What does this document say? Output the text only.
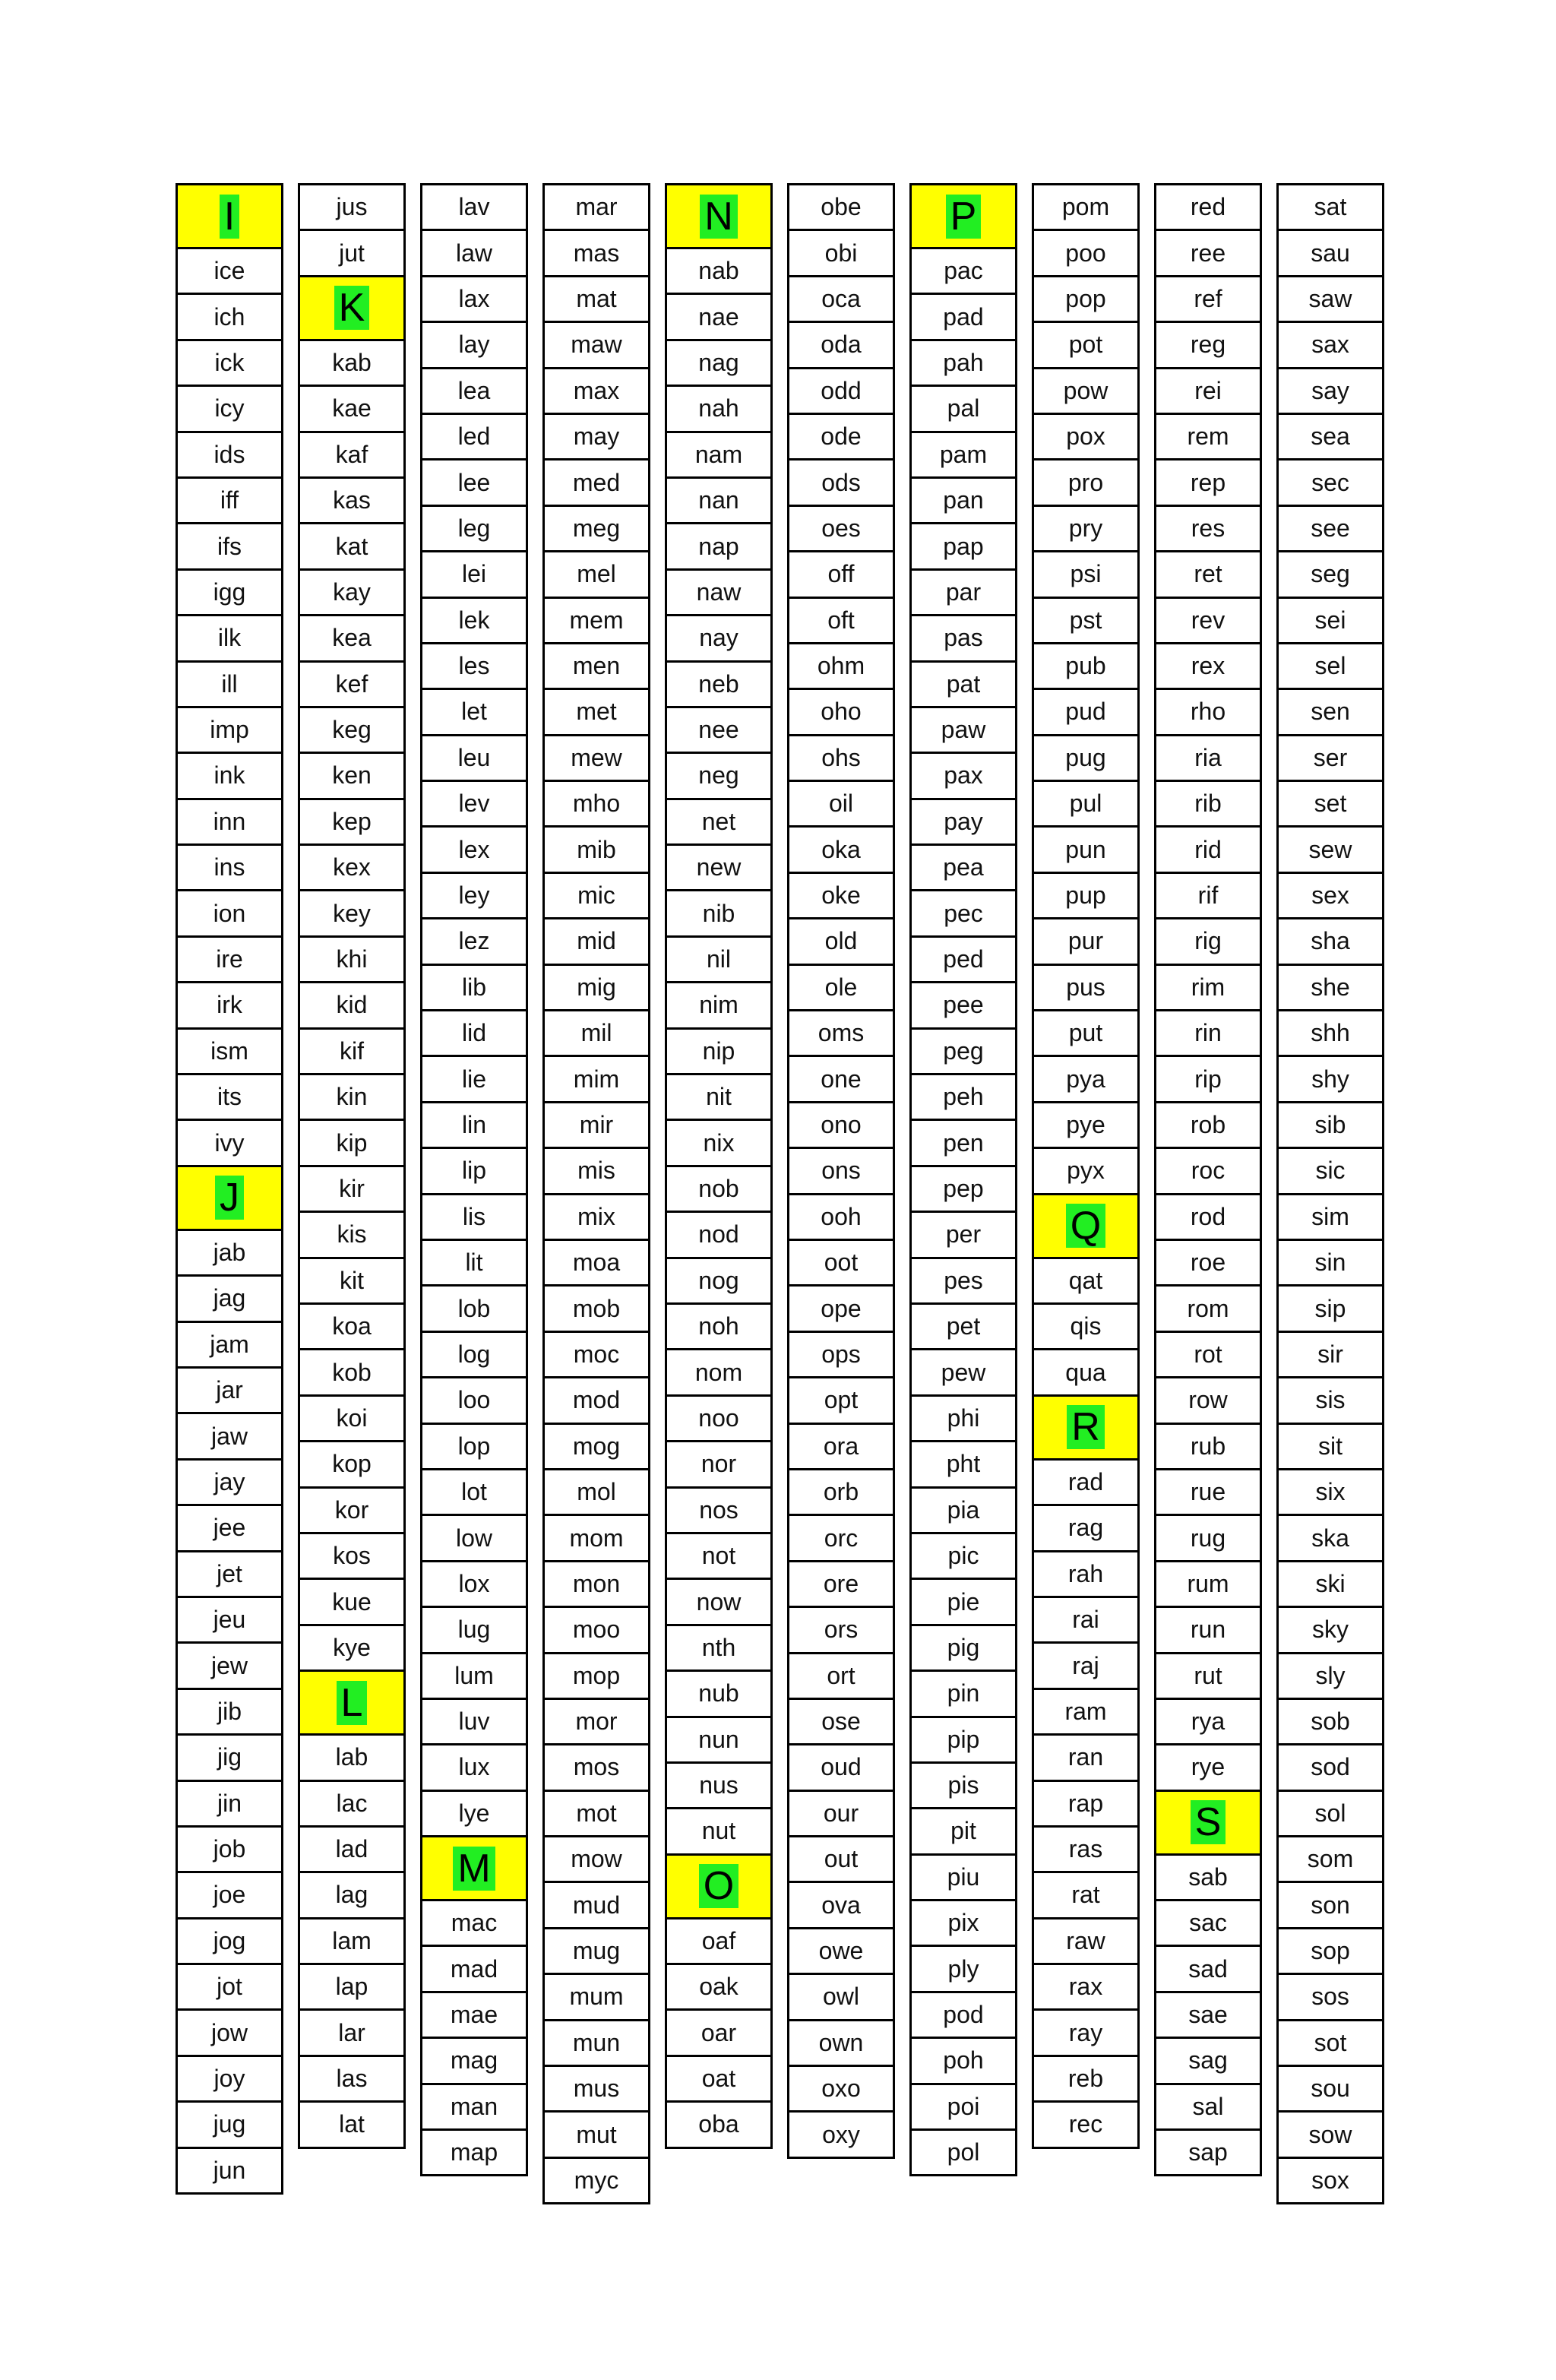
I
ice
ich
ick
icy
ids
iff
ifs
igg
ilk
ill
imp
ink
inn
ins
ion
ire
irk
ism
its
ivy
J
jab
jag
jam
jar
jaw
jay
jee
jet
jeu
jew
jib
jig
jin
job
joe
jog
jot
jow
joy
jug
jun
jus
jut
K
kab
kae
kaf
kas
kat
kay
kea
kef
keg
ken
kep
kex
key
khi
kid
kif
kin
kip
kir
kis
kit
koa
kob
koi
kop
kor
kos
kue
kye
L
lab
lac
lad
lag
lam
lap
lar
las
lat
lav
law
lax
lay
lea
led
lee
leg
lei
lek
les
let
leu
lev
lex
ley
lez
lib
lid
lie
lin
lip
lis
lit
lob
log
loo
lop
lot
low
lox
lug
lum
luv
lux
lye
M
mac
mad
mae
mag
man
map
mar
mas
mat
maw
max
may
med
meg
mel
mem
men
met
mew
mho
mib
mic
mid
mig
mil
mim
mir
mis
mix
moa
mob
moc
mod
mog
mol
mom
mon
moo
mop
mor
mos
mot
mow
mud
mug
mum
mun
mus
mut
myc
N
nab
nae
nag
nah
nam
nan
nap
naw
nay
neb
nee
neg
net
new
nib
nil
nim
nip
nit
nix
nob
nod
nog
noh
nom
noo
nor
nos
not
now
nth
nub
nun
nus
nut
O
oaf
oak
oar
oat
oba
obe
obi
oca
oda
odd
ode
ods
oes
off
oft
ohm
oho
ohs
oil
oka
oke
old
ole
oms
one
ono
ons
ooh
oot
ope
ops
opt
ora
orb
orc
ore
ors
ort
ose
oud
our
out
ova
owe
owl
own
oxo
oxy
P
pac
pad
pah
pal
pam
pan
pap
par
pas
pat
paw
pax
pay
pea
pec
ped
pee
peg
peh
pen
pep
per
pes
pet
pew
phi
pht
pia
pic
pie
pig
pin
pip
pis
pit
piu
pix
ply
pod
poh
poi
pol
pom
poo
pop
pot
pow
pox
pro
pry
psi
pst
pub
pud
pug
pul
pun
pup
pur
pus
put
pya
pye
pyx
Q
qat
qis
qua
R
rad
rag
rah
rai
raj
ram
ran
rap
ras
rat
raw
rax
ray
reb
rec
red
ree
ref
reg
rei
rem
rep
res
ret
rev
rex
rho
ria
rib
rid
rif
rig
rim
rin
rip
rob
roc
rod
roe
rom
rot
row
rub
rue
rug
rum
run
rut
rya
rye
S
sab
sac
sad
sae
sag
sal
sap
sat
sau
saw
sax
say
sea
sec
see
seg
sei
sel
sen
ser
set
sew
sex
sha
she
shh
shy
sib
sic
sim
sin
sip
sir
sis
sit
six
ska
ski
sky
sly
sob
sod
sol
som
son
sop
sos
sot
sou
sow
sox
